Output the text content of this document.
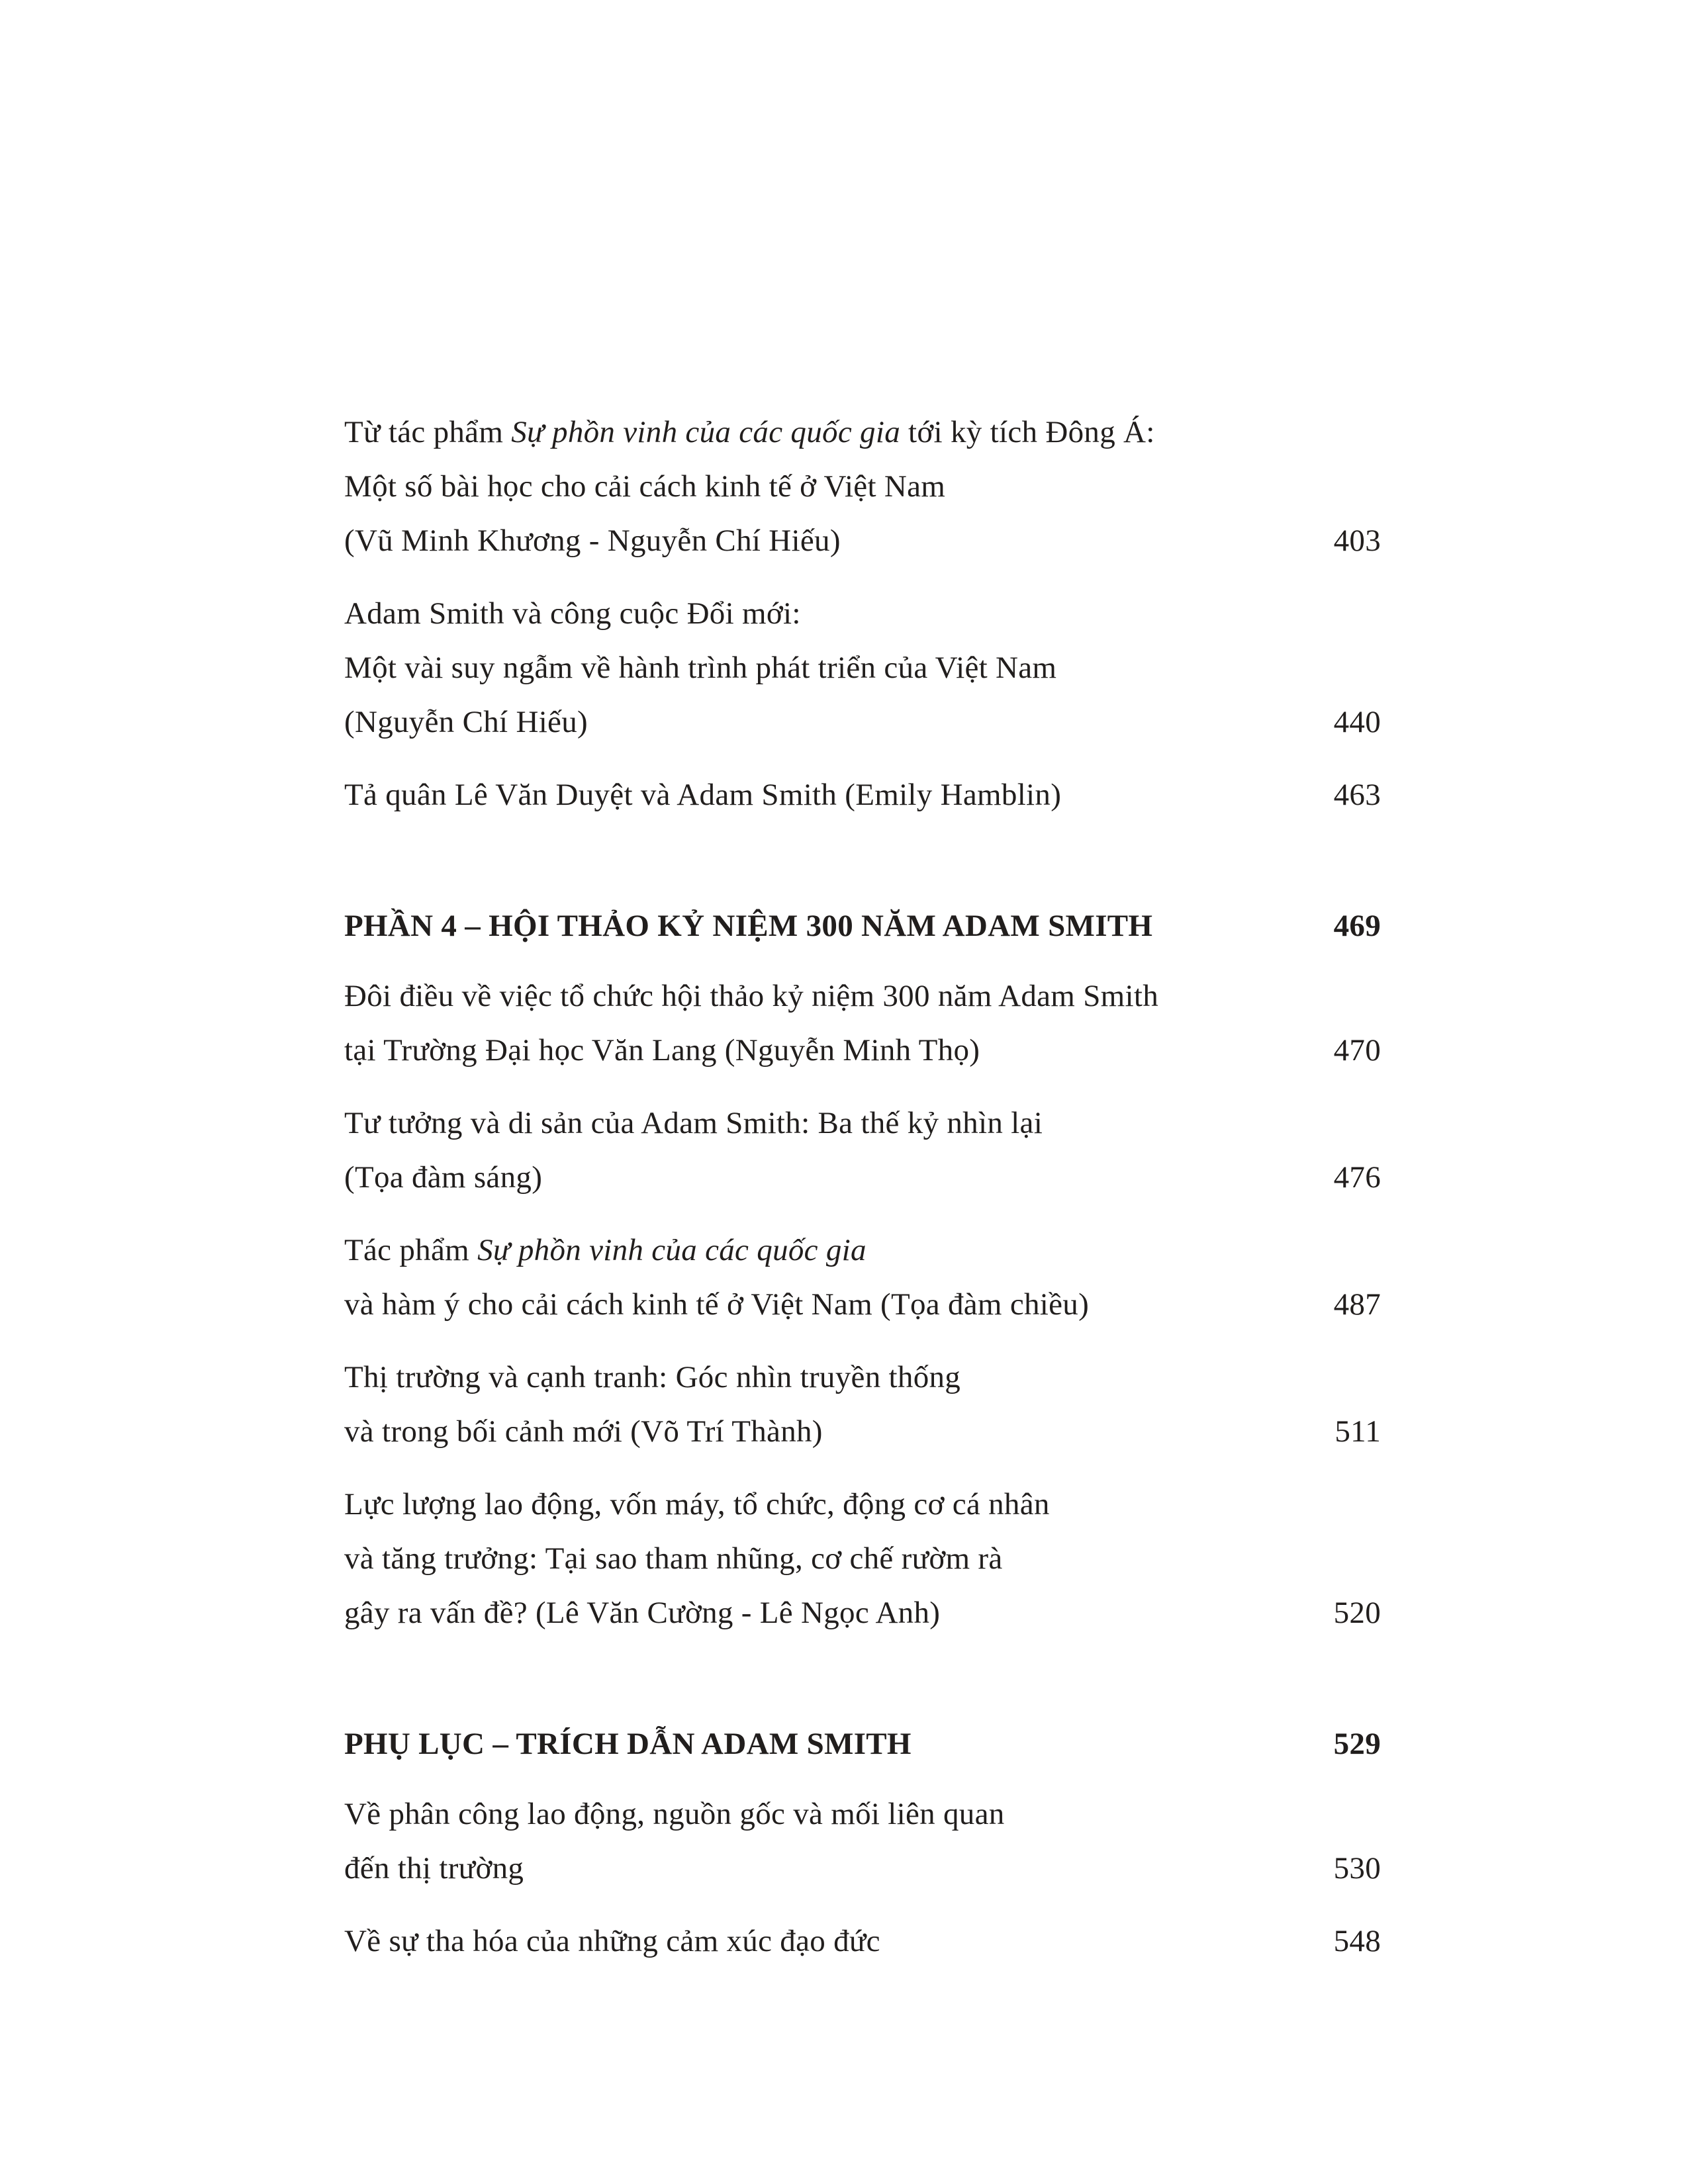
Từ tác phẩm Sự phồn vinh của các quốc gia tới kỳ tích Đông Á:
Một số bài học cho cải cách kinh tế ở Việt Nam
(Vũ Minh Khương - Nguyễn Chí Hiếu)	403
Adam Smith và công cuộc Đổi mới:
Một vài suy ngẫm về hành trình phát triển của Việt Nam
(Nguyễn Chí Hiếu)	440
Tả quân Lê Văn Duyệt và Adam Smith (Emily Hamblin)	463
PHẦN 4 – HỘI THẢO KỶ NIỆM 300 NĂM ADAM SMITH	469
Đôi điều về việc tổ chức hội thảo kỷ niệm 300 năm Adam Smith
tại Trường Đại học Văn Lang (Nguyễn Minh Thọ)	470
Tư tưởng và di sản của Adam Smith: Ba thế kỷ nhìn lại
(Tọa đàm sáng)	476
Tác phẩm Sự phồn vinh của các quốc gia
và hàm ý cho cải cách kinh tế ở Việt Nam (Tọa đàm chiều)	487
Thị trường và cạnh tranh: Góc nhìn truyền thống
và trong bối cảnh mới (Võ Trí Thành)	511
Lực lượng lao động, vốn máy, tổ chức, động cơ cá nhân
và tăng trưởng: Tại sao tham nhũng, cơ chế rườm rà
gây ra vấn đề? (Lê Văn Cường - Lê Ngọc Anh)	520
PHỤ LỤC – TRÍCH DẪN ADAM SMITH	529
Về phân công lao động, nguồn gốc và mối liên quan
đến thị trường	530
Về sự tha hóa của những cảm xúc đạo đức	548
